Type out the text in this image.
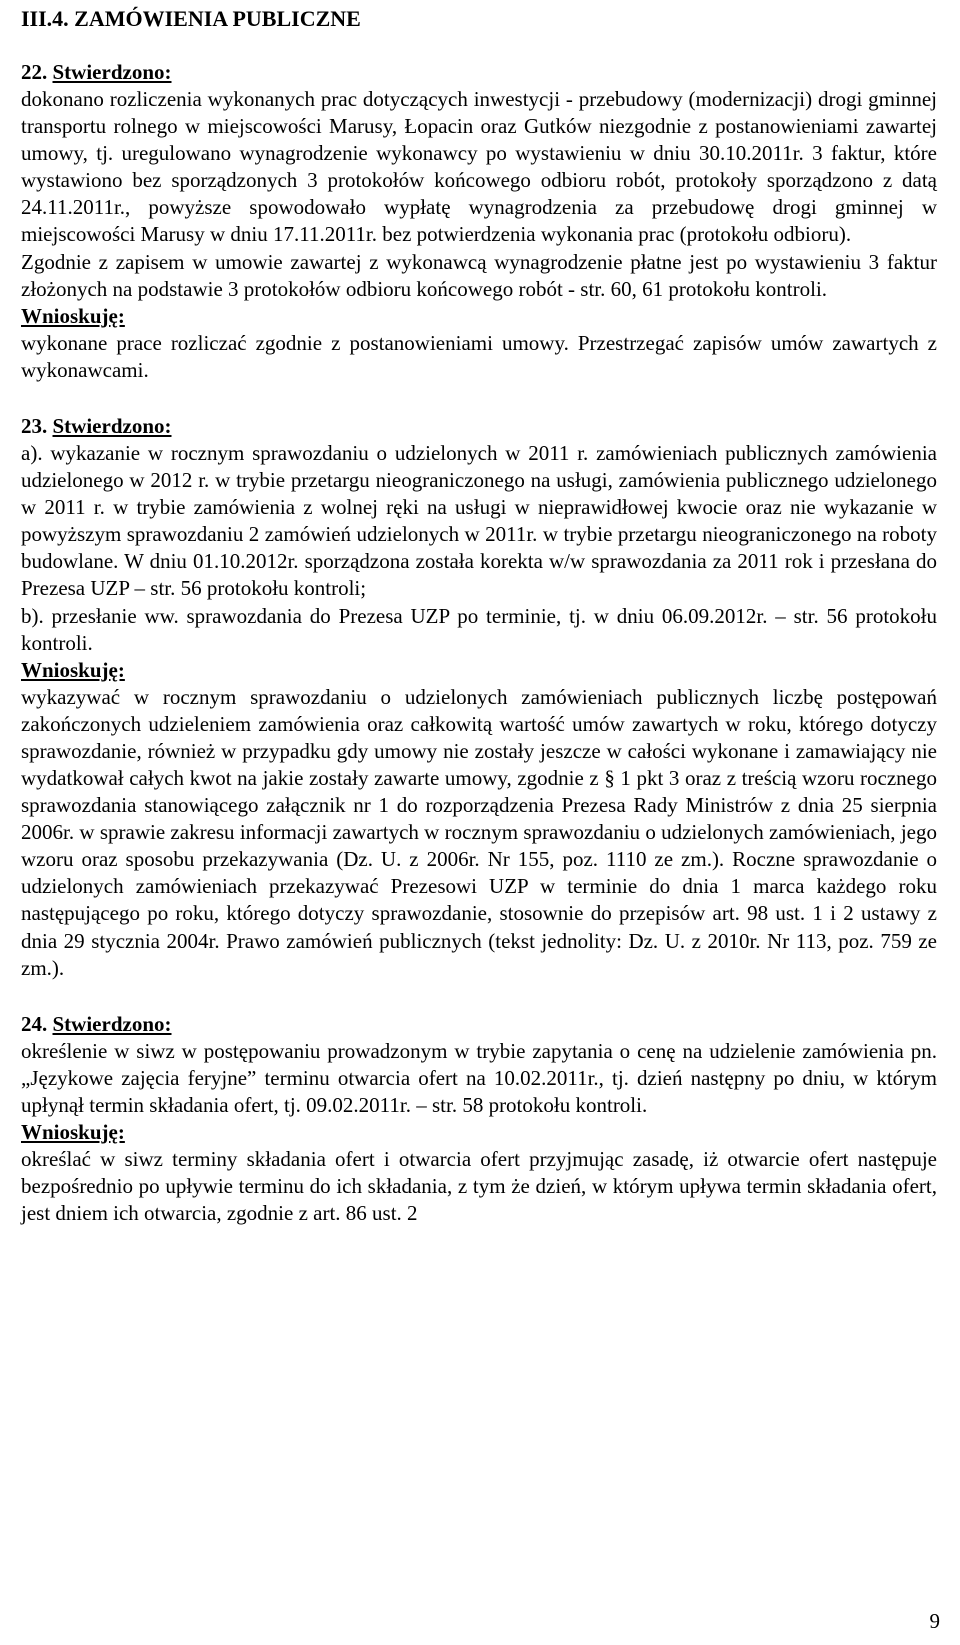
III.4. ZAMÓWIENIA PUBLICZNE
22. Stwierdzono:

dokonano rozliczenia wykonanych prac dotyczących inwestycji - przebudowy (modernizacji) drogi gminnej transportu rolnego w miejscowości Marusy, Łopacin oraz Gutków niezgodnie z postanowieniami zawartej umowy, tj. uregulowano wynagrodzenie wykonawcy po wystawieniu w dniu 30.10.2011r. 3 faktur, które wystawiono bez sporządzonych 3 protokołów końcowego odbioru robót, protokoły sporządzono z datą 24.11.2011r., powyższe spowodowało wypłatę wynagrodzenia za przebudowę drogi gminnej w miejscowości Marusy w dniu 17.11.2011r. bez potwierdzenia wykonania prac (protokołu odbioru).

Zgodnie z zapisem w umowie zawartej z wykonawcą wynagrodzenie płatne jest po wystawieniu 3 faktur złożonych na podstawie 3 protokołów odbioru końcowego robót - str. 60, 61 protokołu kontroli.

Wnioskuję:

wykonane prace rozliczać zgodnie z postanowieniami umowy. Przestrzegać zapisów umów zawartych z wykonawcami.

23. Stwierdzono:

a). wykazanie w rocznym sprawozdaniu o udzielonych w 2011 r. zamówieniach publicznych zamówienia udzielonego w 2012 r. w trybie przetargu nieograniczonego na usługi, zamówienia publicznego udzielonego w 2011 r. w trybie zamówienia z wolnej ręki na usługi w nieprawidłowej kwocie oraz nie wykazanie w powyższym sprawozdaniu 2 zamówień udzielonych w 2011r. w trybie przetargu nieograniczonego na roboty budowlane. W dniu 01.10.2012r. sporządzona została korekta w/w sprawozdania za 2011 rok i przesłana do Prezesa UZP – str. 56 protokołu kontroli;

b). przesłanie ww. sprawozdania do Prezesa UZP po terminie, tj. w dniu 06.09.2012r. – str. 56 protokołu kontroli.

Wnioskuję:

wykazywać w rocznym sprawozdaniu o udzielonych zamówieniach publicznych liczbę postępowań zakończonych udzieleniem zamówienia oraz całkowitą wartość umów zawartych w roku, którego dotyczy sprawozdanie, również w przypadku gdy umowy nie zostały jeszcze w całości wykonane i zamawiający nie wydatkował całych kwot na jakie zostały zawarte umowy, zgodnie z § 1 pkt 3 oraz z treścią wzoru rocznego sprawozdania stanowiącego załącznik nr 1 do rozporządzenia Prezesa Rady Ministrów z dnia 25 sierpnia 2006r. w sprawie zakresu informacji zawartych w rocznym sprawozdaniu o udzielonych zamówieniach, jego wzoru oraz sposobu przekazywania (Dz. U. z 2006r. Nr 155, poz. 1110 ze zm.). Roczne sprawozdanie o udzielonych zamówieniach przekazywać Prezesowi UZP w terminie do dnia 1 marca każdego roku następującego po roku, którego dotyczy sprawozdanie, stosownie do przepisów art. 98 ust. 1 i 2 ustawy z dnia 29 stycznia 2004r. Prawo zamówień publicznych (tekst jednolity: Dz. U. z 2010r. Nr 113, poz. 759 ze zm.).

24. Stwierdzono:

określenie w siwz w postępowaniu prowadzonym w trybie zapytania o cenę na udzielenie zamówienia pn. „Językowe zajęcia feryjne” terminu otwarcia ofert na 10.02.2011r., tj. dzień następny po dniu, w którym upłynął termin składania ofert, tj. 09.02.2011r. – str. 58 protokołu kontroli.

Wnioskuję:

określać w siwz terminy składania ofert i otwarcia ofert przyjmując zasadę, iż otwarcie ofert następuje bezpośrednio po upływie terminu do ich składania, z tym że dzień, w którym upływa termin składania ofert, jest dniem ich otwarcia, zgodnie z art. 86 ust. 2

9
